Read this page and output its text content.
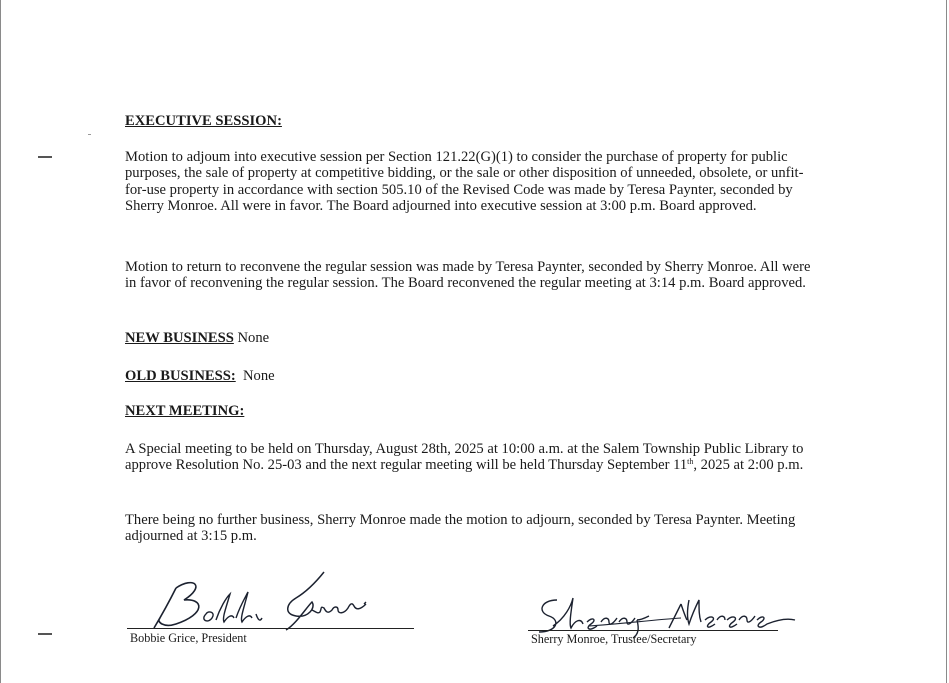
EXECUTIVE SESSION:

Motion to adjoum into executive session per Section 121.22(G)(1) to consider the purchase of property for public purposes, the sale of property at competitive bidding, or the sale or other disposition of unneeded, obsolete, or unfit-for-use property in accordance with section 505.10 of the Revised Code was made by Teresa Paynter, seconded by Sherry Monroe. All were in favor. The Board adjourned into executive session at 3:00 p.m. Board approved.

Motion to return to reconvene the regular session was made by Teresa Paynter, seconded by Sherry Monroe. All were in favor of reconvening the regular session. The Board reconvened the regular meeting at 3:14 p.m. Board approved.

NEW BUSINESS None
OLD BUSINESS: None
NEXT MEETING:

A Special meeting to be held on Thursday, August 28th, 2025 at 10:00 a.m. at the Salem Township Public Library to approve Resolution No. 25-03 and the next regular meeting will be held Thursday September 11th, 2025 at 2:00 p.m.

There being no further business, Sherry Monroe made the motion to adjourn, seconded by Teresa Paynter. Meeting adjourned at 3:15 p.m.

Bobbie Grice, President	Sherry Monroe, Trustee/Secretary
